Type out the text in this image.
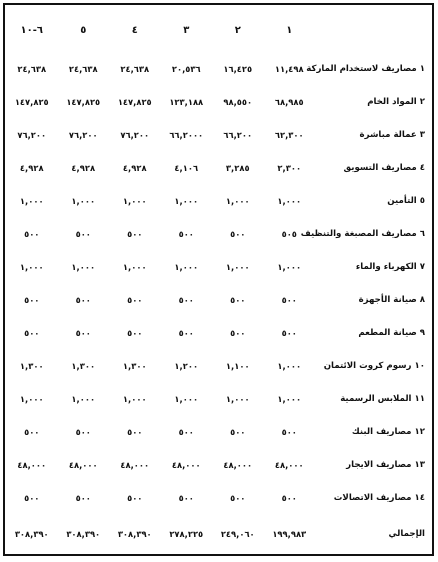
	١	٢	٣	٤	٥	٦-١٠
١ مصاريف لاستخدام الماركة	١١,٤٩٨	١٦,٤٢٥	٢٠,٥٣٦	٢٤,٦٣٨	٢٤,٦٣٨	٢٤,٦٣٨
٢ المواد الخام	٦٨,٩٨٥	٩٨,٥٥٠	١٢٣,١٨٨	١٤٧,٨٢٥	١٤٧,٨٢٥	١٤٧,٨٢٥
٣ عمالة مباشرة	٦٢,٣٠٠	٦٦,٢٠٠	٦٦,٢٠٠٠	٧٦,٢٠٠	٧٦,٢٠٠	٧٦,٢٠٠
٤ مصاريف التسويق	٢,٣٠٠	٣,٢٨٥	٤,١٠٦	٤,٩٢٨	٤,٩٢٨	٤,٩٢٨
٥ التأمين	١,٠٠٠	١,٠٠٠	١,٠٠٠	١,٠٠٠	١,٠٠٠	١,٠٠٠
٦ مصاريف المصبغة والتنظيف	٥٠٥	٥٠٠	٥٠٠	٥٠٠	٥٠٠	٥٠٠
٧ الكهرباء والماء	١,٠٠٠	١,٠٠٠	١,٠٠٠	١,٠٠٠	١,٠٠٠	١,٠٠٠
٨ صيانة الأجهزة	٥٠٠	٥٠٠	٥٠٠	٥٠٠	٥٠٠	٥٠٠
٩ صيانة المطعم	٥٠٠	٥٠٠	٥٠٠	٥٠٠	٥٠٠	٥٠٠
١٠ رسوم كروت الائتمان	١,٠٠٠	١,١٠٠	١,٢٠٠	١,٣٠٠	١,٣٠٠	١,٣٠٠
١١ الملابس الرسمية	١,٠٠٠	١,٠٠٠	١,٠٠٠	١,٠٠٠	١,٠٠٠	١,٠٠٠
١٢ مصاريف البنك	٥٠٠	٥٠٠	٥٠٠	٥٠٠	٥٠٠	٥٠٠
١٣ مصاريف الايجار	٤٨,٠٠٠	٤٨,٠٠٠	٤٨,٠٠٠	٤٨,٠٠٠	٤٨,٠٠٠	٤٨,٠٠٠
١٤ مصاريف الاتصالات	٥٠٠	٥٠٠	٥٠٠	٥٠٠	٥٠٠	٥٠٠
الإجمالي	١٩٩,٩٨٣	٢٤٩,٠٦٠	٢٧٨,٢٢٥	٣٠٨,٣٩٠	٣٠٨,٣٩٠	٣٠٨,٣٩٠
